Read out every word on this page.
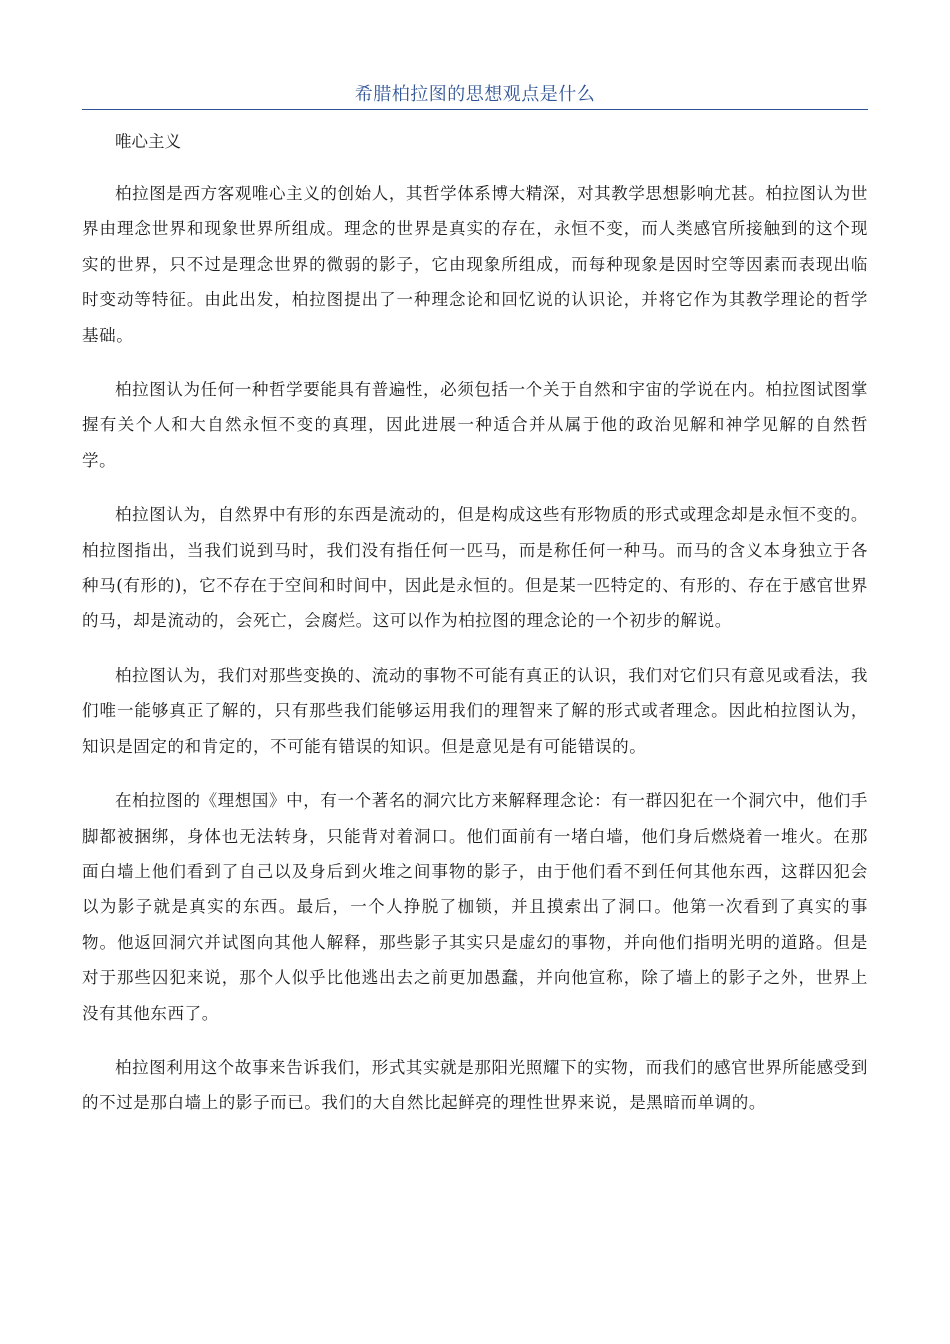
希腊柏拉图的思想观点是什么

唯心主义

柏拉图是西方客观唯心主义的创始人，其哲学体系博大精深，对其教学思想影响尤甚。柏拉图认为世界由理念世界和现象世界所组成。理念的世界是真实的存在，永恒不变，而人类感官所接触到的这个现实的世界，只不过是理念世界的微弱的影子，它由现象所组成，而每种现象是因时空等因素而表现出临时变动等特征。由此出发，柏拉图提出了一种理念论和回忆说的认识论，并将它作为其教学理论的哲学基础。

柏拉图认为任何一种哲学要能具有普遍性，必须包括一个关于自然和宇宙的学说在内。柏拉图试图掌握有关个人和大自然永恒不变的真理，因此进展一种适合并从属于他的政治见解和神学见解的自然哲学。

柏拉图认为，自然界中有形的东西是流动的，但是构成这些有形物质的形式或理念却是永恒不变的。柏拉图指出，当我们说到马时，我们没有指任何一匹马，而是称任何一种马。而马的含义本身独立于各种马(有形的)，它不存在于空间和时间中，因此是永恒的。但是某一匹特定的、有形的、存在于感官世界的马，却是流动的，会死亡，会腐烂。这可以作为柏拉图的理念论的一个初步的解说。

柏拉图认为，我们对那些变换的、流动的事物不可能有真正的认识，我们对它们只有意见或看法，我们唯一能够真正了解的，只有那些我们能够运用我们的理智来了解的形式或者理念。因此柏拉图认为，知识是固定的和肯定的，不可能有错误的知识。但是意见是有可能错误的。

在柏拉图的《理想国》中，有一个著名的洞穴比方来解释理念论：有一群囚犯在一个洞穴中，他们手脚都被捆绑，身体也无法转身，只能背对着洞口。他们面前有一堵白墙，他们身后燃烧着一堆火。在那面白墙上他们看到了自己以及身后到火堆之间事物的影子，由于他们看不到任何其他东西，这群囚犯会以为影子就是真实的东西。最后，一个人挣脱了枷锁，并且摸索出了洞口。他第一次看到了真实的事物。他返回洞穴并试图向其他人解释，那些影子其实只是虚幻的事物，并向他们指明光明的道路。但是对于那些囚犯来说，那个人似乎比他逃出去之前更加愚蠢，并向他宣称，除了墙上的影子之外，世界上没有其他东西了。

柏拉图利用这个故事来告诉我们，形式其实就是那阳光照耀下的实物，而我们的感官世界所能感受到的不过是那白墙上的影子而已。我们的大自然比起鲜亮的理性世界来说，是黑暗而单调的。
